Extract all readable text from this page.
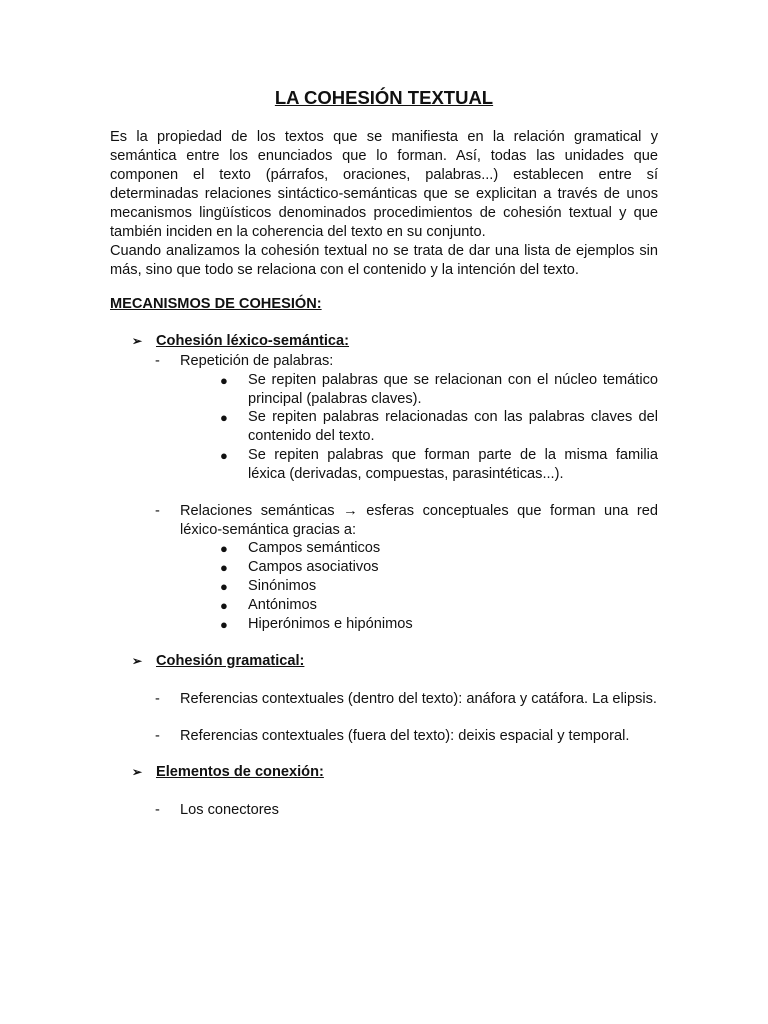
LA COHESIÓN TEXTUAL

Es la propiedad de los textos que se manifiesta en la relación gramatical y semántica entre los enunciados que lo forman. Así, todas las unidades que componen el texto (párrafos, oraciones, palabras...) establecen entre sí determinadas relaciones sintáctico-semánticas que se explicitan a través de unos mecanismos lingüísticos denominados procedimientos de cohesión textual y que también inciden en la coherencia del texto en su conjunto.

Cuando analizamos la cohesión textual no se trata de dar una lista de ejemplos sin más, sino que todo se relaciona con el contenido y la intención del texto.

MECANISMOS DE COHESIÓN:
➢ Cohesión léxico-semántica:
-	Repetición de palabras:
●	Se repiten palabras que se relacionan con el núcleo temático principal (palabras claves).
●	Se repiten palabras relacionadas con las palabras claves del contenido del texto.
●	Se repiten palabras que forman parte de la misma familia léxica (derivadas, compuestas, parasintéticas...).
-	Relaciones semánticas → esferas conceptuales que forman una red léxico-semántica gracias a:
●	Campos semánticos
●	Campos asociativos
●	Sinónimos
●	Antónimos
●	Hiperónimos e hipónimos
➢ Cohesión gramatical:
-	Referencias contextuales (dentro del texto): anáfora y catáfora. La elipsis.
-	Referencias contextuales (fuera del texto): deixis espacial y temporal.
➢ Elementos de conexión:
-	Los conectores
